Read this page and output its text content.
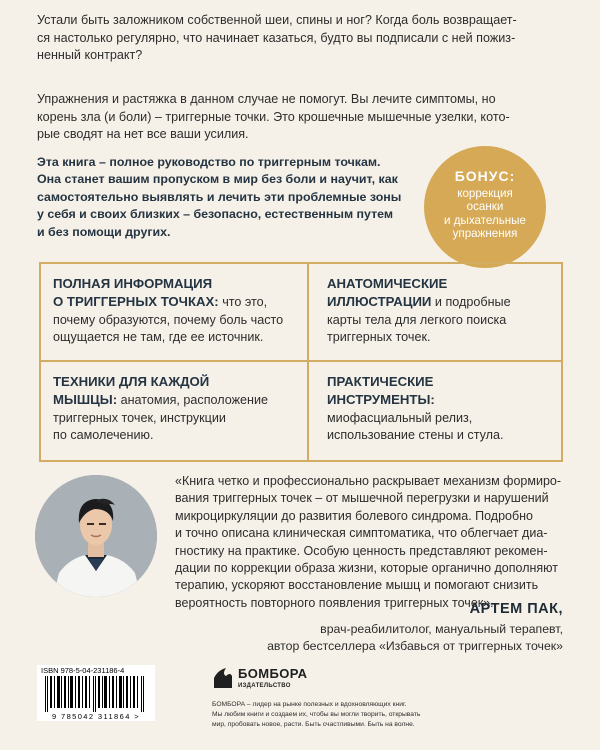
Устали быть заложником собственной шеи, спины и ног? Когда боль возвращает-
ся настолько регулярно, что начинает казаться, будто вы подписали с ней пожиз-
ненный контракт?
Упражнения и растяжка в данном случае не помогут. Вы лечите симптомы, но
корень зла (и боли) – триггерные точки. Это крошечные мышечные узелки, кото-
рые сводят на нет все ваши усилия.
Эта книга – полное руководство по триггерным точкам.
Она станет вашим пропуском в мир без боли и научит, как
самостоятельно выявлять и лечить эти проблемные зоны
у себя и своих близких – безопасно, естественным путем
и без помощи других.
БОНУС:
коррекция
осанки
и дыхательные
упражнения
ПОЛНАЯ ИНФОРМАЦИЯ
О ТРИГГЕРНЫХ ТОЧКАХ: что это,
почему образуются, почему боль часто
ощущается не там, где ее источник.
АНАТОМИЧЕСКИЕ
ИЛЛЮСТРАЦИИ и подробные
карты тела для легкого поиска
триггерных точек.
ТЕХНИКИ ДЛЯ КАЖДОЙ
МЫШЦЫ: анатомия, расположение
триггерных точек, инструкции
по самолечению.
ПРАКТИЧЕСКИЕ
ИНСТРУМЕНТЫ:
миофасциальный релиз,
использование стены и стула.
«Книга четко и профессионально раскрывает механизм формиро-
вания триггерных точек – от мышечной перегрузки и нарушений
микроциркуляции до развития болевого синдрома. Подробно
и точно описана клиническая симптоматика, что облегчает диа-
гностику на практике. Особую ценность представляют рекомен-
дации по коррекции образа жизни, которые органично дополняют
терапию, ускоряют восстановление мышц и помогают снизить
вероятность повторного появления триггерных точек».
АРТЕМ ПАК,
врач-реабилитолог, мануальный терапевт,
автор бестселлера «Избавься от триггерных точек»
ISBN 978-5-04-231186-4
9 785042 311864 >
БОМБОРА
ИЗДАТЕЛЬСТВО
БОМБОРА – лидер на рынке полезных и вдохновляющих книг.
Мы любим книги и создаем их, чтобы вы могли творить, открывать
мир, пробовать новое, расти. Быть счастливыми. Быть на волне.
